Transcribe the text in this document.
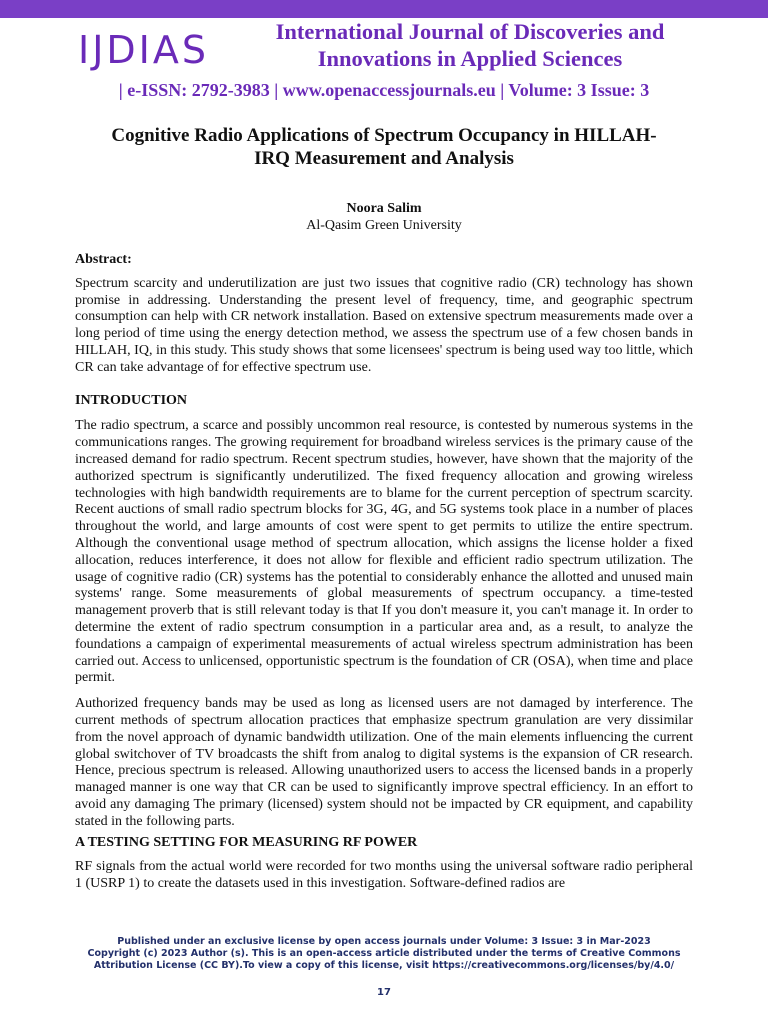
IJDIAS	International Journal of Discoveries and
Innovations in Applied Sciences
| e-ISSN: 2792-3983 | www.openaccessjournals.eu | Volume: 3 Issue: 3
Cognitive Radio Applications of Spectrum Occupancy in HILLAH-
IRQ Measurement and Analysis
Noora Salim
Al-Qasim Green University

Abstract:

Spectrum scarcity and underutilization are just two issues that cognitive radio (CR) technology has shown promise in addressing. Understanding the present level of frequency, time, and geographic spectrum consumption can help with CR network installation. Based on extensive spectrum measurements made over a long period of time using the energy detection method, we assess the spectrum use of a few chosen bands in HILLAH, IQ, in this study. This study shows that some licensees' spectrum is being used way too little, which CR can take advantage of for effective spectrum use.

INTRODUCTION

The radio spectrum, a scarce and possibly uncommon real resource, is contested by numerous systems in the communications ranges. The growing requirement for broadband wireless services is the primary cause of the increased demand for radio spectrum. Recent spectrum studies, however, have shown that the majority of the authorized spectrum is significantly underutilized. The fixed frequency allocation and growing wireless technologies with high bandwidth requirements are to blame for the current perception of spectrum scarcity. Recent auctions of small radio spectrum blocks for 3G, 4G, and 5G systems took place in a number of places throughout the world, and large amounts of cost were spent to get permits to utilize the entire spectrum. Although the conventional usage method of spectrum allocation, which assigns the license holder a fixed allocation, reduces interference, it does not allow for flexible and efficient radio spectrum utilization. The usage of cognitive radio (CR) systems has the potential to considerably enhance the allotted and unused main systems' range. Some measurements of global measurements of spectrum occupancy. a time-tested management proverb that is still relevant today is that If you don't measure it, you can't manage it. In order to determine the extent of radio spectrum consumption in a particular area and, as a result, to analyze the foundations a campaign of experimental measurements of actual wireless spectrum administration has been carried out. Access to unlicensed, opportunistic spectrum is the foundation of CR (OSA), when time and place permit.

Authorized frequency bands may be used as long as licensed users are not damaged by interference. The current methods of spectrum allocation practices that emphasize spectrum granulation are very dissimilar from the novel approach of dynamic bandwidth utilization. One of the main elements influencing the current global switchover of TV broadcasts the shift from analog to digital systems is the expansion of CR research. Hence, precious spectrum is released. Allowing unauthorized users to access the licensed bands in a properly managed manner is one way that CR can be used to significantly improve spectral efficiency. In an effort to avoid any damaging The primary (licensed) system should not be impacted by CR equipment, and capability stated in the following parts.

A TESTING SETTING FOR MEASURING RF POWER

RF signals from the actual world were recorded for two months using the universal software radio peripheral 1 (USRP 1) to create the datasets used in this investigation. Software-defined radios are

Published under an exclusive license by open access journals under Volume: 3 Issue: 3 in Mar-2023
Copyright (c) 2023 Author (s). This is an open-access article distributed under the terms of Creative Commons
Attribution License (CC BY).To view a copy of this license, visit https://creativecommons.org/licenses/by/4.0/
17
